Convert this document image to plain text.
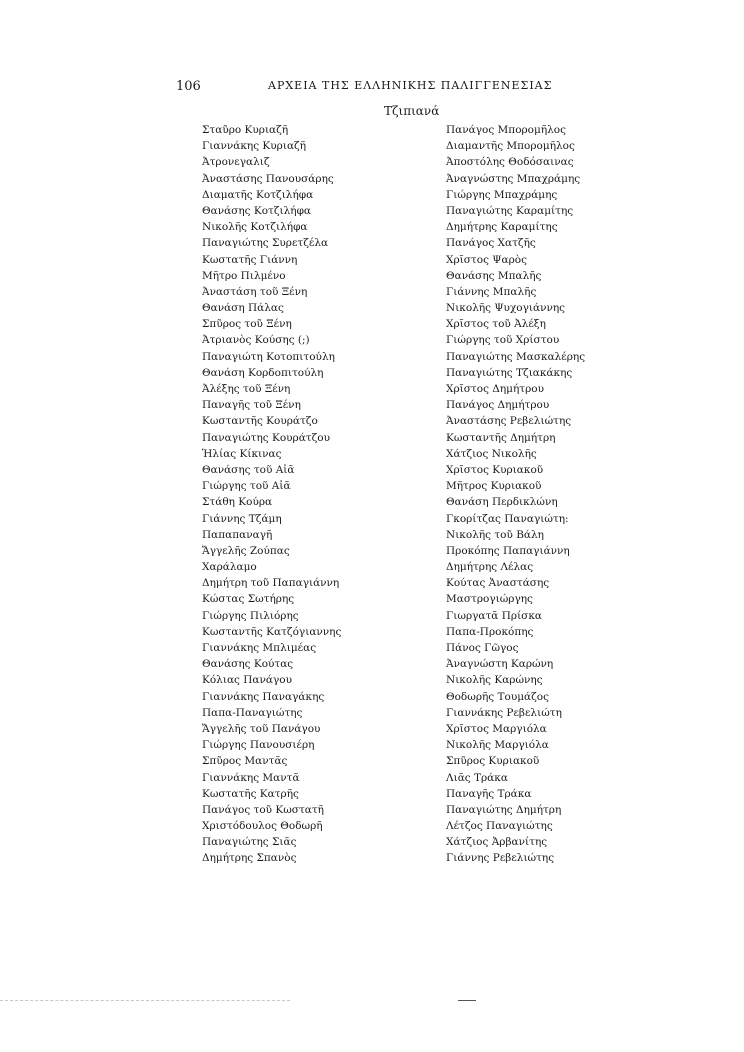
106	ΑΡΧΕΙΑ ΤΗΣ ΕΛΛΗΝΙΚΗΣ ΠΑΛΙΓΓΕΝΕΣΙΑΣ
Τζιπιανά
Σταῦρο Κυριαζῆ
Γιαννάκης Κυριαζῆ
Ἀτρονεγαλιζ
Ἀναστάσης Πανουσάρης
Διαματῆς Κοτζιλήφα
Θανάσης Κοτζιλήφα
Νικολῆς Κοτζιλήφα
Παναγιώτης Συρετζέλα
Κωστατῆς Γιάννη
Μῆτρο Πιλμένο
Ἀναστάση τοῦ Ξένη
Θανάση Πάλας
Σπῦρος τοῦ Ξένη
Ἀτριανὸς Κούσης (;)
Παναγιώτη Κοτοπιτούλη
Θανάση Κορδοπιτούλη
Ἀλέξης τοῦ Ξένη
Παναγῆς τοῦ Ξένη
Κωσταντῆς Κουράτζο
Παναγιώτης Κουράτζου
Ἡλίας Κίκινας
Θανάσης τοῦ Αἰᾶ
Γιώργης τοῦ Αἰᾶ
Στάθη Κούρα
Γιάννης Τζάμη
Παπαπαναγῆ
Ἄγγελῆς Ζούπας
Χαράλαμο
Δημήτρη τοῦ Παπαγιάννη
Κώστας Σωτήρης
Γιώργης Πιλιόρης
Κωσταντῆς Κατζόγιαννης
Γιαννάκης Μπλιμέας
Θανάσης Κούτας
Κόλιας Πανάγου
Γιαννάκης Παναγάκης
Παπα-Παναγιώτης
Ἄγγελῆς τοῦ Πανάγου
Γιώργης Πανουσιέρη
Σπῦρος Μαντᾶς
Γιαννάκης Μαντᾶ
Κωστατῆς Κατρῆς
Πανάγος τοῦ Κωστατῆ
Χριστόδουλος Θοδωρῆ
Παναγιώτης Σιᾶς
Δημήτρης Σπανὸς
Πανάγος Μπορομῆλος
Διαμαντῆς Μπορομῆλος
Ἀποστόλης Θοδόσαινας
Ἀναγνώστης Μπαχράμης
Γιώργης Μπαχράμης
Παναγιώτης Καραμίτης
Δημήτρης Καραμίτης
Πανάγος Χατζῆς
Χρῖστος Ψαρὸς
Θανάσης Μπαλῆς
Γιάννης Μπαλῆς
Νικολῆς Ψυχογιάννης
Χρῖστος τοῦ Ἀλέξη
Γιώργης τοῦ Χρίστου
Παναγιώτης Μασκαλέρης
Παναγιώτης Τζιακάκης
Χρῖστος Δημήτρου
Πανάγος Δημήτρου
Ἀναστάσης Ρεβελιώτης
Κωσταντῆς Δημήτρη
Χάτζιος Νικολῆς
Χρῖστος Κυριακοῦ
Μῆτρος Κυριακοῦ
Θανάση Περδικλώνη
Γκορίτζας Παναγιώτη:
Νικολῆς τοῦ Βάλη
Προκόπης Παπαγιάννη
Δημήτρης Λέλας
Κούτας Ἀναστάσης
Μαστρογιώργης
Γιωργατᾶ Πρίσκα
Παπα-Προκόπης
Πάνος Γῶγος
Ἀναγνώστη Καρώνη
Νικολῆς Καρώνης
Θοδωρῆς Τουμάζος
Γιαννάκης Ρεβελιώτη
Χρῖστος Μαργιόλα
Νικολῆς Μαργιόλα
Σπῦρος Κυριακοῦ
Λιᾶς Τράκα
Παναγῆς Τράκα
Παναγιώτης Δημήτρη
Λέτζος Παναγιώτης
Χάτζιος Ἀρβανίτης
Γιάννης Ρεβελιώτης
